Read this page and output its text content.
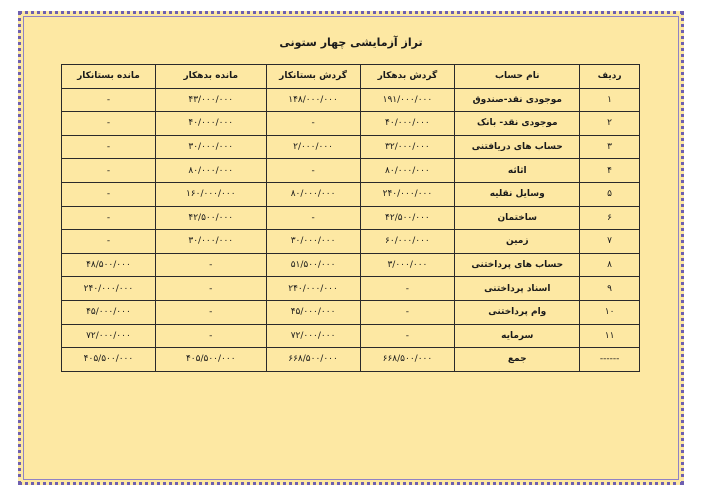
تراز آزمایشی چهار ستونی
ردیف	نام حساب	گردش بدهکار	گردش بستانکار	مانده بدهکار	مانده بستانکار
۱	موجودی نقد-صندوق	۱۹۱/۰۰۰/۰۰۰	۱۴۸/۰۰۰/۰۰۰	۴۳/۰۰۰/۰۰۰	-
۲	موجودی نقد- بانک	۴۰/۰۰۰/۰۰۰	-	۴۰/۰۰۰/۰۰۰	-
۳	حساب های دریافتنی	۳۲/۰۰۰/۰۰۰	۲/۰۰۰/۰۰۰	۳۰/۰۰۰/۰۰۰	-
۴	اثاثه	۸۰/۰۰۰/۰۰۰	-	۸۰/۰۰۰/۰۰۰	-
۵	وسایل نقلیه	۲۴۰/۰۰۰/۰۰۰	۸۰/۰۰۰/۰۰۰	۱۶۰/۰۰۰/۰۰۰	-
۶	ساختمان	۴۲/۵۰۰/۰۰۰	-	۴۲/۵۰۰/۰۰۰	-
۷	زمین	۶۰/۰۰۰/۰۰۰	۳۰/۰۰۰/۰۰۰	۳۰/۰۰۰/۰۰۰	-
۸	حساب های پرداختنی	۳/۰۰۰/۰۰۰	۵۱/۵۰۰/۰۰۰	-	۴۸/۵۰۰/۰۰۰
۹	اسناد پرداختنی	-	۲۴۰/۰۰۰/۰۰۰	-	۲۴۰/۰۰۰/۰۰۰
۱۰	وام پرداختنی	-	۴۵/۰۰۰/۰۰۰	-	۴۵/۰۰۰/۰۰۰
۱۱	سرمایه	-	۷۲/۰۰۰/۰۰۰	-	۷۲/۰۰۰/۰۰۰
------	جمع	۶۶۸/۵۰۰/۰۰۰	۶۶۸/۵۰۰/۰۰۰	۴۰۵/۵۰۰/۰۰۰	۴۰۵/۵۰۰/۰۰۰
